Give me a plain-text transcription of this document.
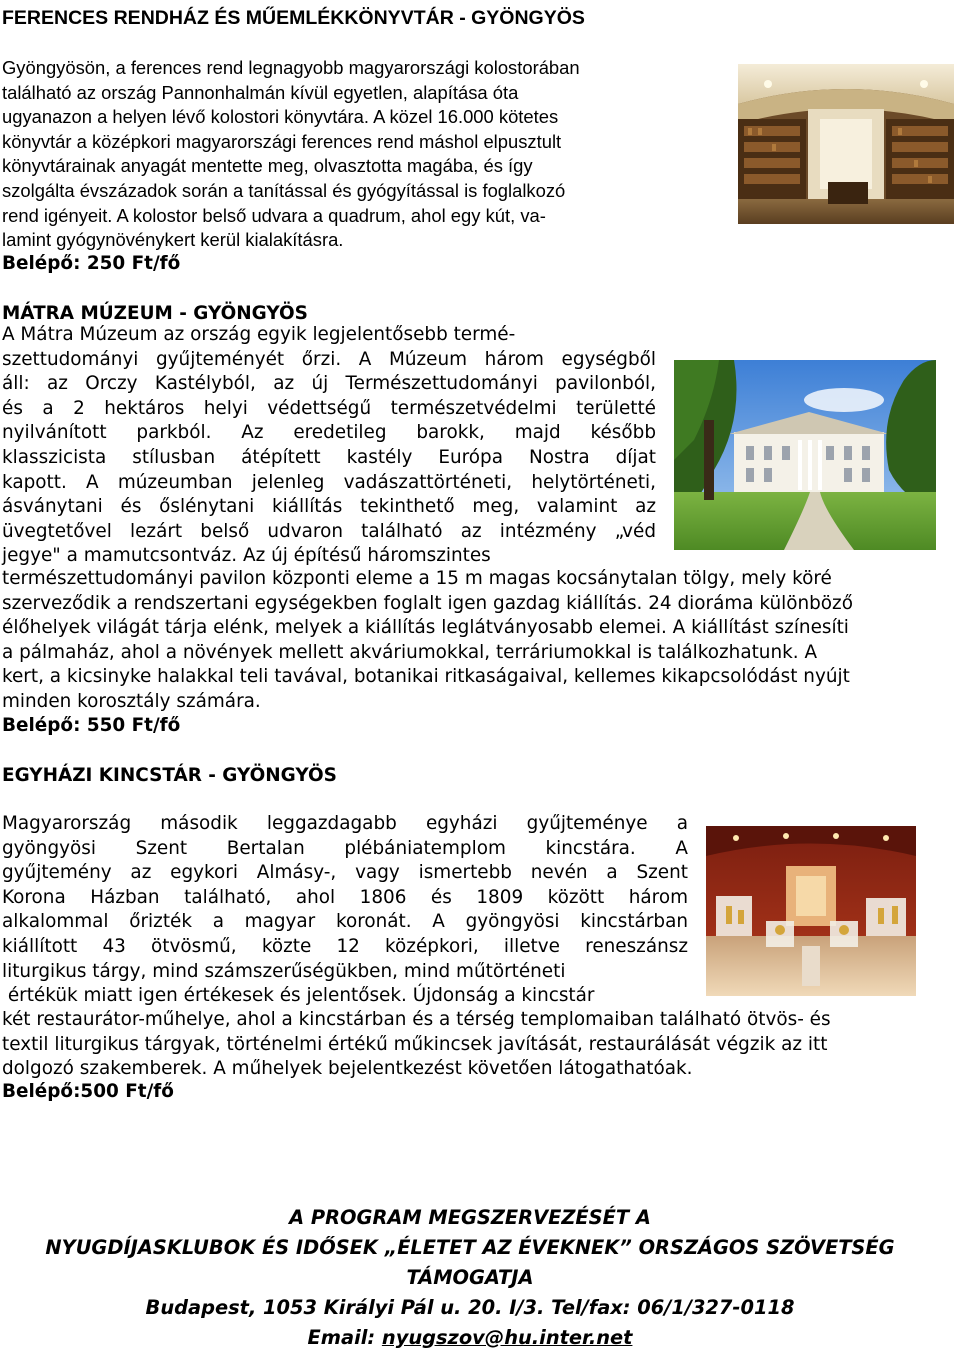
FERENCES RENDHÁZ ÉS MŰEMLÉKKÖNYVTÁR - GYÖNGYÖS
Gyöngyösön, a ferences rend legnagyobb magyarországi kolostorában
található az ország Pannonhalmán kívül egyetlen, alapítása óta
ugyanazon a helyen lévő kolostori könyvtára. A közel 16.000 kötetes
könyvtár a középkori magyarországi ferences rend máshol elpusztult
könyvtárainak anyagát mentette meg, olvasztotta magába, és így
szolgálta évszázadok során a tanítással és gyógyítással is foglalkozó
rend igényeit. A kolostor belső udvara a quadrum, ahol egy kút, va-
lamint gyógynövénykert kerül kialakításra.
Belépő: 250 Ft/fő
MÁTRA MÚZEUM - GYÖNGYÖS

A Mátra Múzeum az ország egyik legjelentősebb termé-

szettudományi gyűjteményét őrzi. A Múzeum három egységből

áll: az Orczy Kastélyból, az új Természettudományi pavilonból,

és a 2 hektáros helyi védettségű természetvédelmi területté

nyilvánított parkból. Az eredetileg barokk, majd később

klasszicista stílusban átépített kastély Európa Nostra díjat

kapott. A múzeumban jelenleg vadászattörténeti, helytörténeti,

ásványtani és őslénytani kiállítás tekinthető meg, valamint az

üvegtetővel lezárt belső udvaron található az intézmény „véd

jegye" a mamutcsontváz. Az új építésű háromszintes

természettudományi pavilon központi eleme a 15 m magas kocsánytalan tölgy, mely köré
szerveződik a rendszertani egységekben foglalt igen gazdag kiállítás. 24 dioráma különböző
élőhelyek világát tárja elénk, melyek a kiállítás leglátványosabb elemei. A kiállítást színesíti
a pálmaház, ahol a növények mellett akváriumokkal, terráriumokkal is találkozhatunk. A
kert, a kicsinyke halakkal teli tavával, botanikai ritkaságaival, kellemes kikapcsolódást nyújt
minden korosztály számára.
Belépő: 550 Ft/fő
EGYHÁZI KINCSTÁR - GYÖNGYÖS

Magyarország második leggazdagabb egyházi gyűjteménye a

gyöngyösi Szent Bertalan plébániatemplom kincstára. A

gyűjtemény az egykori Almásy-, vagy ismertebb nevén a Szent

Korona Házban található, ahol 1806 és 1809 között három

alkalommal őrizték a magyar koronát. A gyöngyösi kincstárban

kiállított 43 ötvösmű, közte 12 középkori, illetve reneszánsz

liturgikus tárgy, mind számszerűségükben, mind műtörténeti

értékük miatt igen értékesek és jelentősek. Újdonság a kincstár

két restaurátor-műhelye, ahol a kincstárban és a térség templomaiban található ötvös- és
textil liturgikus tárgyak, történelmi értékű műkincsek javítását, restaurálását végzik az itt
dolgozó szakemberek. A műhelyek bejelentkezést követően látogathatóak.
Belépő:500 Ft/fő
A PROGRAM MEGSZERVEZÉSÉT A
NYUGDÍJASKLUBOK ÉS IDŐSEK „ÉLETET AZ ÉVEKNEK” ORSZÁGOS SZÖVETSÉG
TÁMOGATJA
Budapest, 1053 Királyi Pál u. 20. I/3. Tel/fax: 06/1/327-0118
Email: nyugszov@hu.inter.net
